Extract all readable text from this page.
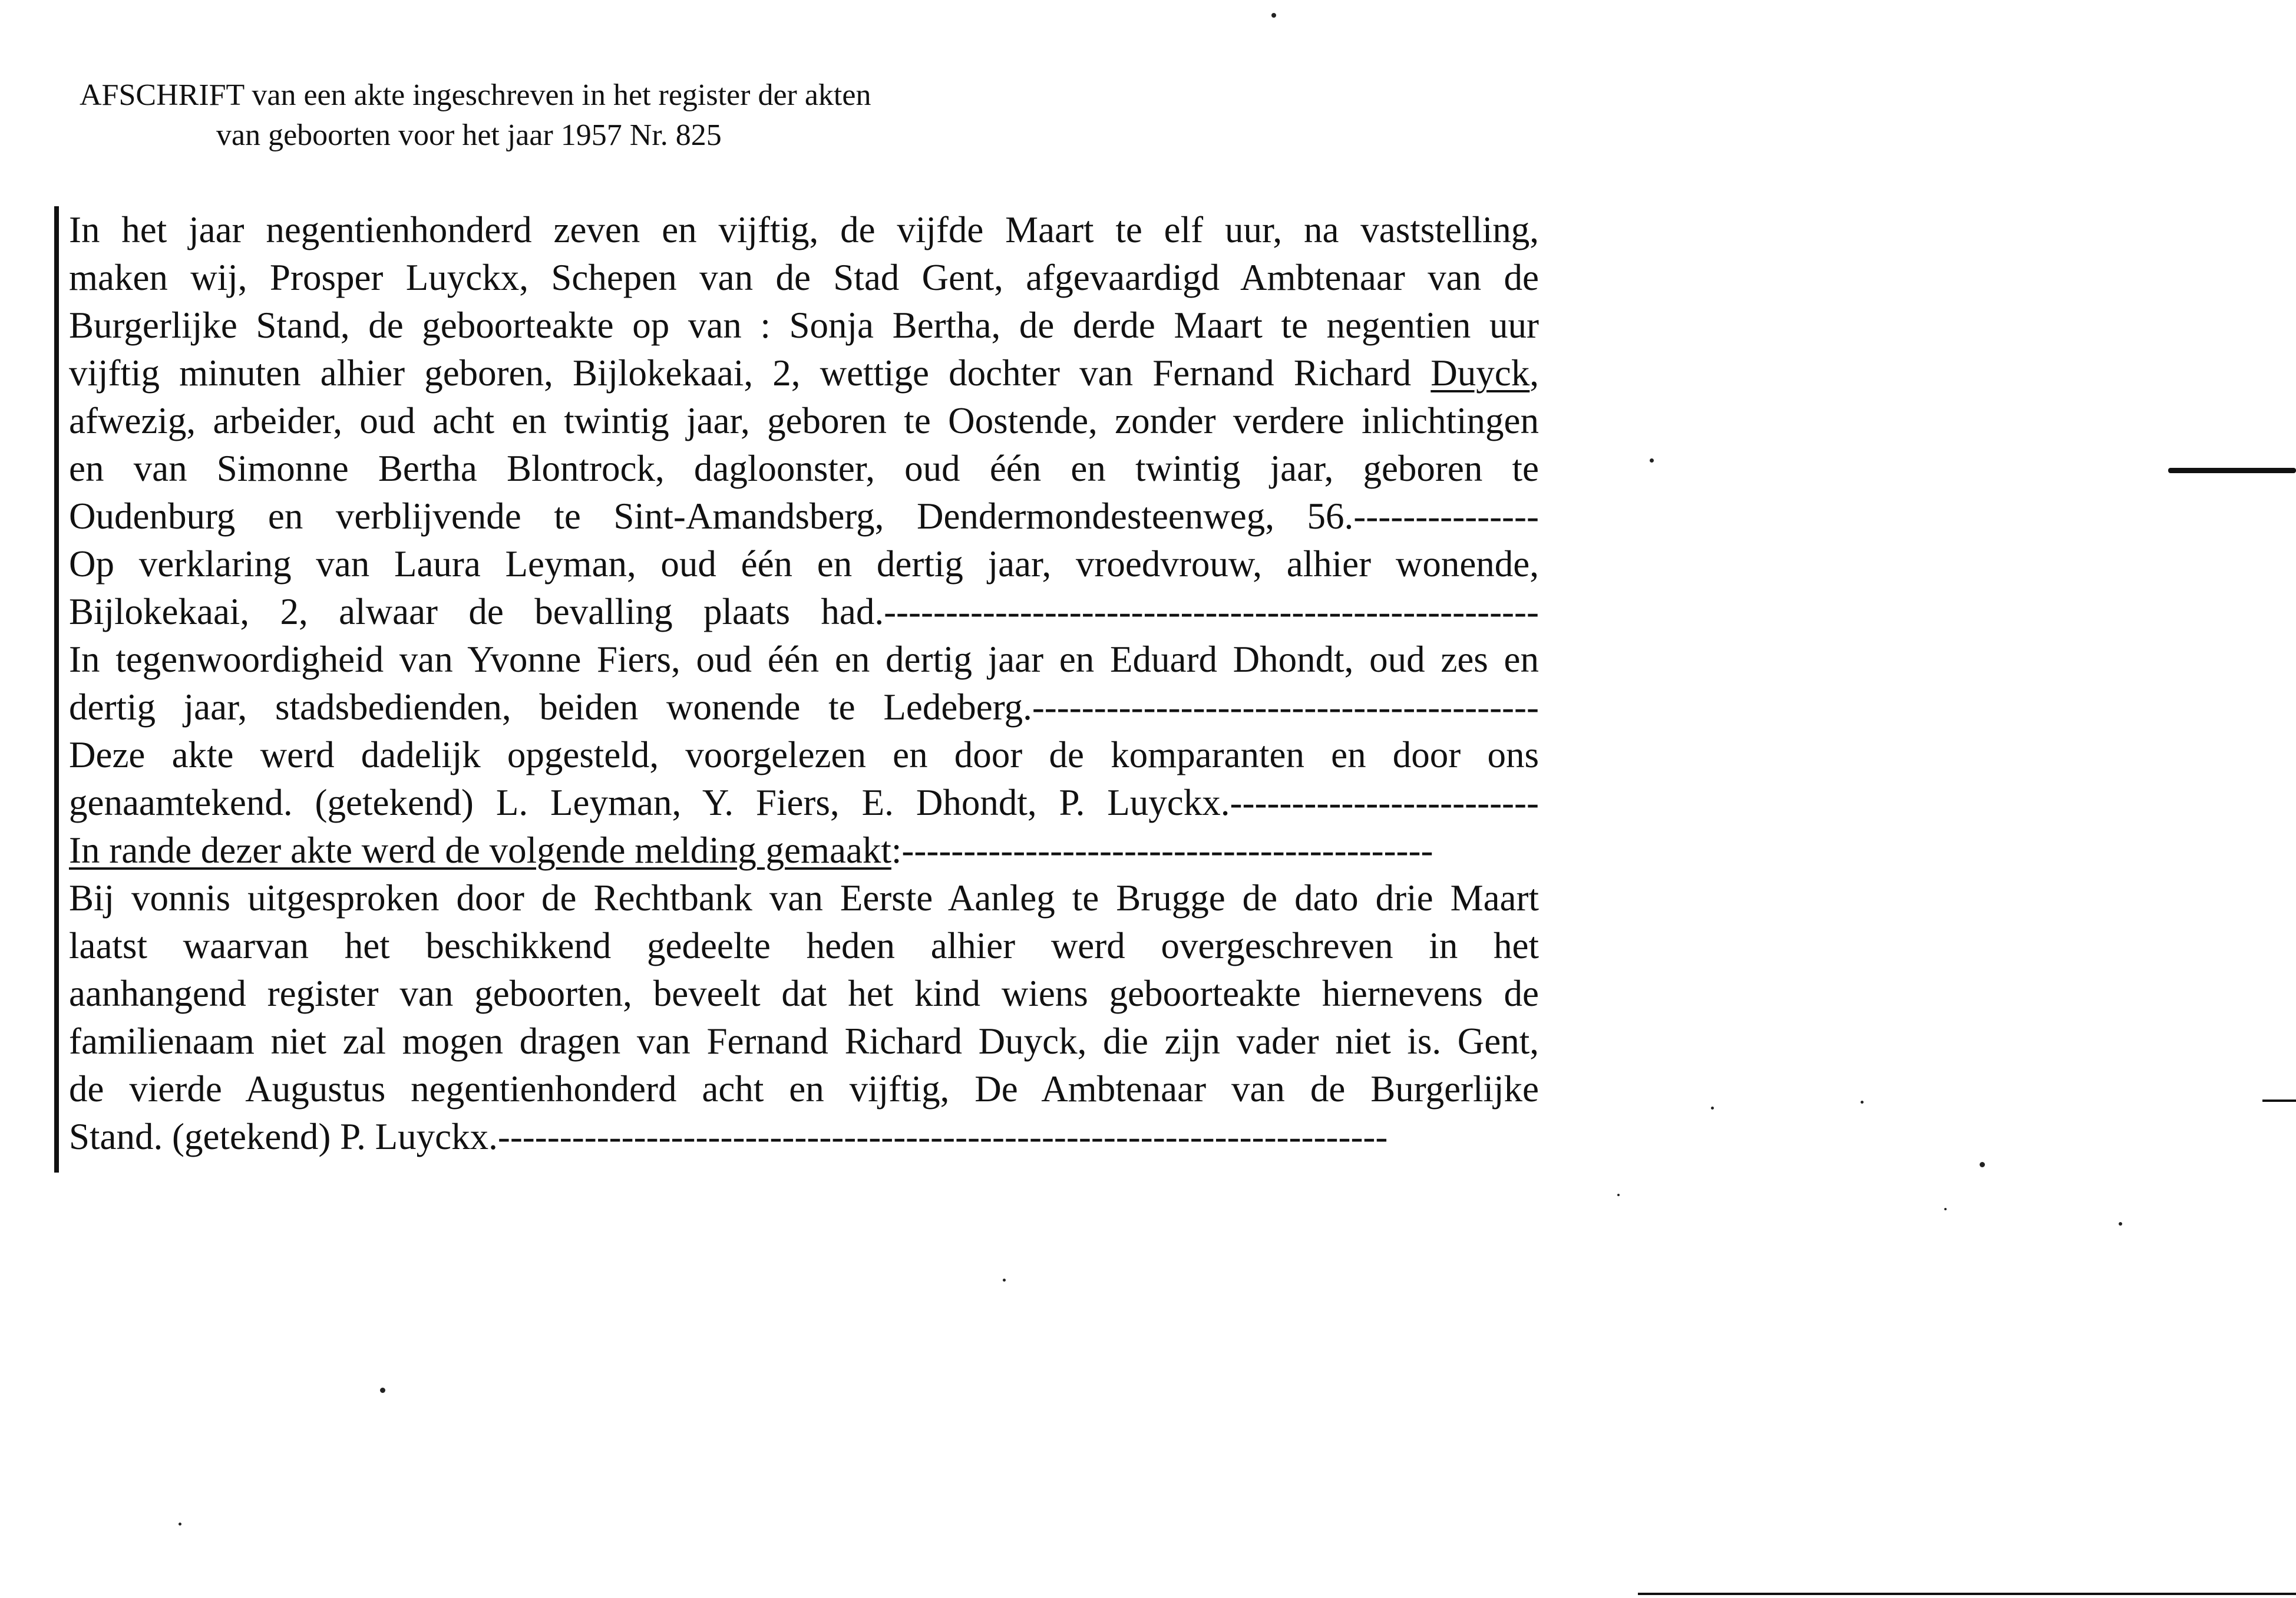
AFSCHRIFT van een akte ingeschreven in het register der akten
van geboorten voor het jaar 1957 Nr. 825
In het jaar negentienhonderd zeven en vijftig, de vijfde Maart te elf uur, na vaststelling,
maken wij, Prosper Luyckx, Schepen van de Stad Gent, afgevaardigd Ambtenaar van de
Burgerlijke Stand, de geboorteakte op van : Sonja Bertha, de derde Maart te negentien uur
vijftig minuten alhier geboren, Bijlokekaai, 2, wettige dochter van Fernand Richard Duyck,
afwezig, arbeider, oud acht en twintig jaar, geboren te Oostende, zonder verdere inlichtingen
en van Simonne Bertha Blontrock, dagloonster, oud één en twintig jaar, geboren te
Oudenburg en verblijvende te Sint-Amandsberg, Dendermondesteenweg, 56.---------------
Op verklaring van Laura Leyman, oud één en dertig jaar, vroedvrouw, alhier wonende,
Bijlokekaai, 2, alwaar de bevalling plaats had.-----------------------------------------------------
In tegenwoordigheid van Yvonne Fiers, oud één en dertig jaar en Eduard Dhondt, oud zes en
dertig jaar, stadsbedienden, beiden wonende te Ledeberg.-----------------------------------------
Deze akte werd dadelijk opgesteld, voorgelezen en door de komparanten en door ons
genaamtekend. (getekend) L. Leyman, Y. Fiers, E. Dhondt, P. Luyckx.-------------------------
In rande dezer akte werd de volgende melding gemaakt:-------------------------------------------
Bij vonnis uitgesproken door de Rechtbank van Eerste Aanleg te Brugge de dato drie Maart
laatst waarvan het beschikkend gedeelte heden alhier werd overgeschreven in het
aanhangend register van geboorten, beveelt dat het kind wiens geboorteakte hiernevens de
familienaam niet zal mogen dragen van Fernand Richard Duyck, die zijn vader niet is. Gent,
de vierde Augustus negentienhonderd acht en vijftig, De Ambtenaar van de Burgerlijke
Stand. (getekend) P. Luyckx.------------------------------------------------------------------------
